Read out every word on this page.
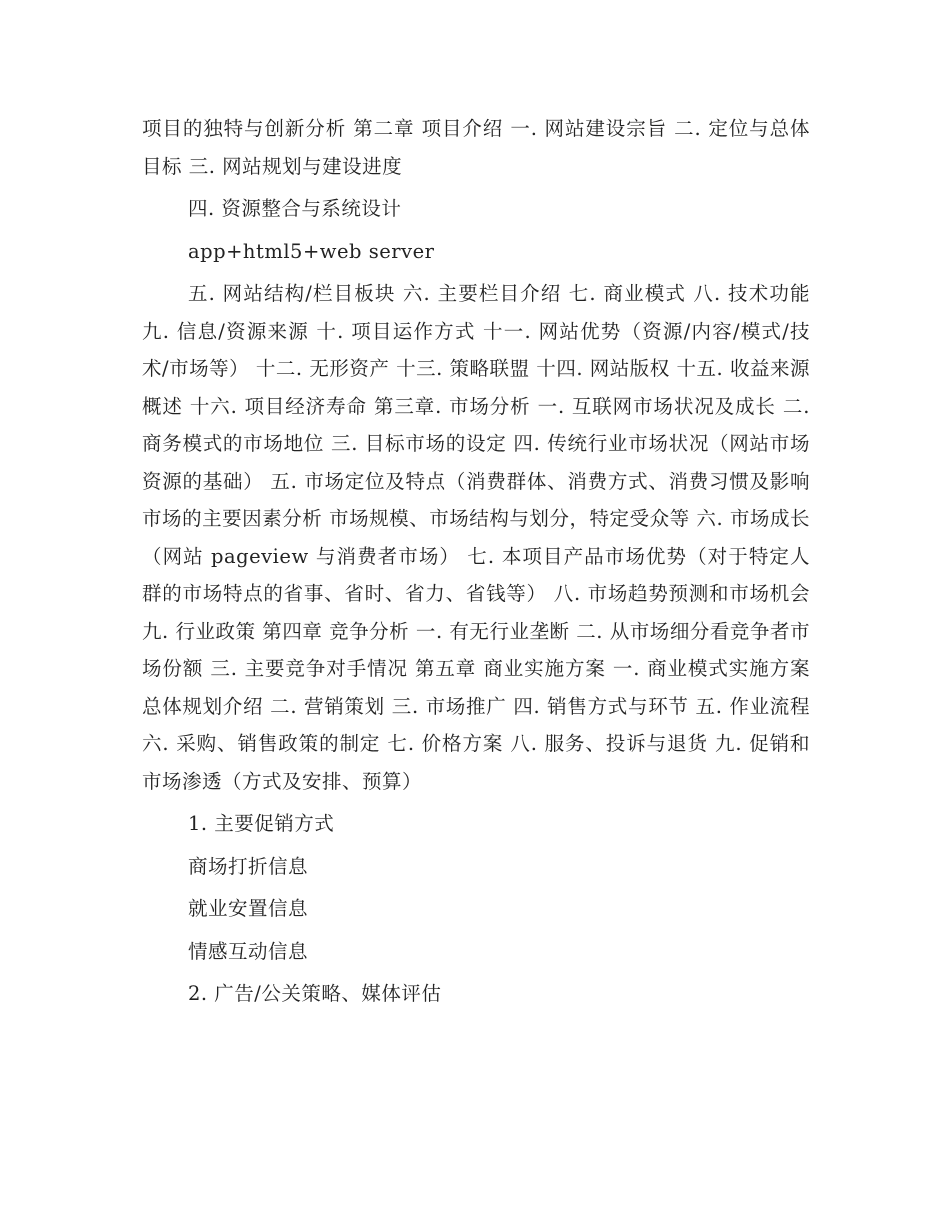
项目的独特与创新分析 第二章 项目介绍 一. 网站建设宗旨 二. 定位与总体目标 三. 网站规划与建设进度

四. 资源整合与系统设计

app+html5+web server

五. 网站结构/栏目板块 六. 主要栏目介绍 七. 商业模式 八. 技术功能 九. 信息/资源来源 十. 项目运作方式 十一. 网站优势（资源/内容/模式/技术/市场等） 十二. 无形资产 十三. 策略联盟 十四. 网站版权 十五. 收益来源概述 十六. 项目经济寿命 第三章. 市场分析 一. 互联网市场状况及成长 二. 商务模式的市场地位 三. 目标市场的设定 四. 传统行业市场状况（网站市场资源的基础） 五. 市场定位及特点（消费群体、消费方式、消费习惯及影响市场的主要因素分析 市场规模、市场结构与划分，特定受众等 六. 市场成长（网站 pageview 与消费者市场） 七. 本项目产品市场优势（对于特定人群的市场特点的省事、省时、省力、省钱等） 八. 市场趋势预测和市场机会 九. 行业政策 第四章 竞争分析 一. 有无行业垄断 二. 从市场细分看竞争者市场份额 三. 主要竞争对手情况 第五章 商业实施方案 一. 商业模式实施方案总体规划介绍 二. 营销策划 三. 市场推广 四. 销售方式与环节 五. 作业流程 六. 采购、销售政策的制定 七. 价格方案 八. 服务、投诉与退货 九. 促销和市场渗透（方式及安排、预算）

1. 主要促销方式

商场打折信息

就业安置信息

情感互动信息

2. 广告/公关策略、媒体评估
